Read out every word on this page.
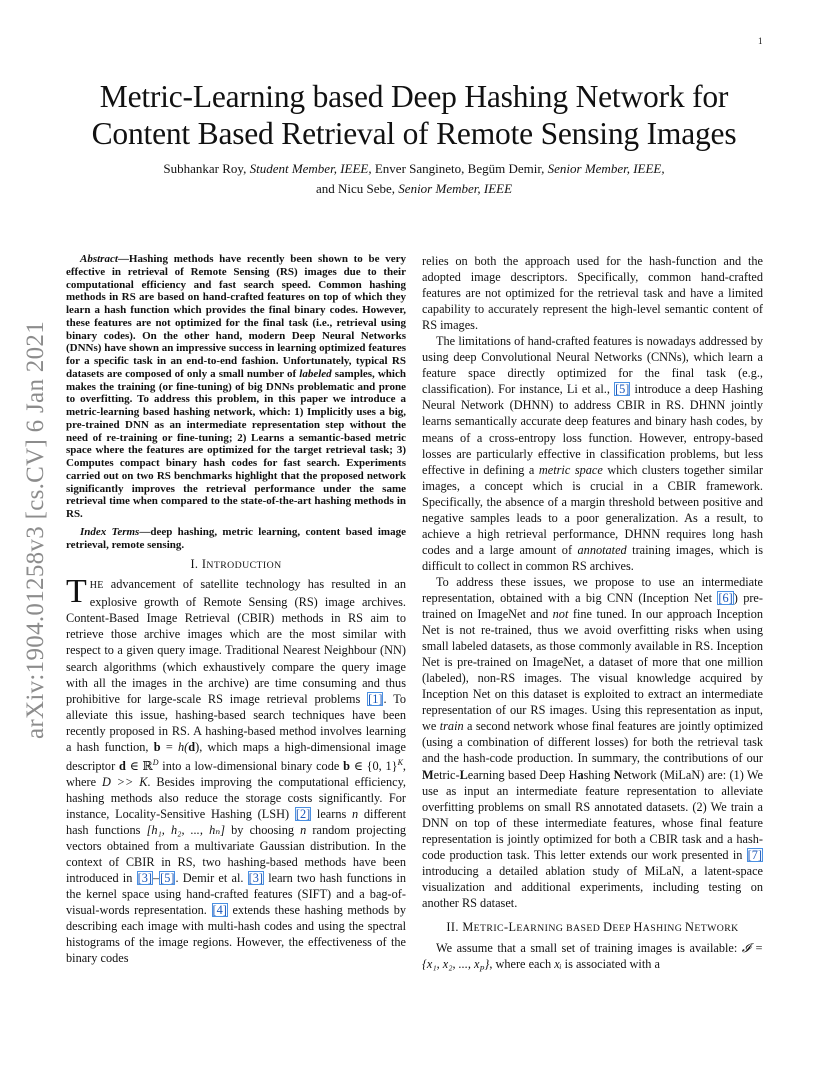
1
arXiv:1904.01258v3 [cs.CV] 6 Jan 2021
Metric-Learning based Deep Hashing Network for
Content Based Retrieval of Remote Sensing Images
Subhankar Roy, Student Member, IEEE, Enver Sangineto, Begüm Demir, Senior Member, IEEE,
and Nicu Sebe, Senior Member, IEEE

Abstract—Hashing methods have recently been shown to be very effective in retrieval of Remote Sensing (RS) images due to their computational efficiency and fast search speed. Common hashing methods in RS are based on hand-crafted features on top of which they learn a hash function which provides the final binary codes. However, these features are not optimized for the final task (i.e., retrieval using binary codes). On the other hand, modern Deep Neural Networks (DNNs) have shown an impressive success in learning optimized features for a specific task in an end-to-end fashion. Unfortunately, typical RS datasets are composed of only a small number of labeled samples, which makes the training (or fine-tuning) of big DNNs problematic and prone to overfitting. To address this problem, in this paper we introduce a metric-learning based hashing network, which: 1) Implicitly uses a big, pre-trained DNN as an intermediate representation step without the need of re-training or fine-tuning; 2) Learns a semantic-based metric space where the features are optimized for the target retrieval task; 3) Computes compact binary hash codes for fast search. Experiments carried out on two RS benchmarks highlight that the proposed network significantly improves the retrieval performance under the same retrieval time when compared to the state-of-the-art hashing methods in RS.

Index Terms—deep hashing, metric learning, content based image retrieval, remote sensing.
I. INTRODUCTION
THE advancement of satellite technology has resulted in an explosive growth of Remote Sensing (RS) image archives. Content-Based Image Retrieval (CBIR) methods in RS aim to retrieve those archive images which are the most similar with respect to a given query image. Traditional Nearest Neighbour (NN) search algorithms (which exhaustively compare the query image with all the images in the archive) are time consuming and thus prohibitive for large-scale RS image retrieval problems [1]. To alleviate this issue, hashing-based search techniques have been recently proposed in RS. A hashing-based method involves learning a hash function, b = h(d), which maps a high-dimensional image descriptor d ∈ ℝ$^D$ into a low-dimensional binary code b ∈ {0, 1}$^K$, where D >> K. Besides improving the computational efficiency, hashing methods also reduce the storage costs significantly. For instance, Locality-Sensitive Hashing (LSH) [2] learns n different hash functions [h₁, h₂, ..., hₙ] by choosing n random projecting vectors obtained from a multivariate Gaussian distribution. In the context of CBIR in RS, two hashing-based methods have been introduced in [3]–[5]. Demir et al. [3] learn two hash functions in the kernel space using hand-crafted features (SIFT) and a bag-of-visual-words representation. [4] extends these hashing methods by describing each image with multi-hash codes and using the spectral histograms of the image regions. However, the effectiveness of the binary codes

relies on both the approach used for the hash-function and the adopted image descriptors. Specifically, common hand-crafted features are not optimized for the retrieval task and have a limited capability to accurately represent the high-level semantic content of RS images.

The limitations of hand-crafted features is nowadays addressed by using deep Convolutional Neural Networks (CNNs), which learn a feature space directly optimized for the final task (e.g., classification). For instance, Li et al., [5] introduce a deep Hashing Neural Network (DHNN) to address CBIR in RS. DHNN jointly learns semantically accurate deep features and binary hash codes, by means of a cross-entropy loss function. However, entropy-based losses are particularly effective in classification problems, but less effective in defining a metric space which clusters together similar images, a concept which is crucial in a CBIR framework. Specifically, the absence of a margin threshold between positive and negative samples leads to a poor generalization. As a result, to achieve a high retrieval performance, DHNN requires long hash codes and a large amount of annotated training images, which is difficult to collect in common RS archives.

To address these issues, we propose to use an intermediate representation, obtained with a big CNN (Inception Net [6]) pre-trained on ImageNet and not fine tuned. In our approach Inception Net is not re-trained, thus we avoid overfitting risks when using small labeled datasets, as those commonly available in RS. Inception Net is pre-trained on ImageNet, a dataset of more that one million (labeled), non-RS images. The visual knowledge acquired by Inception Net on this dataset is exploited to extract an intermediate representation of our RS images. Using this representation as input, we train a second network whose final features are jointly optimized (using a combination of different losses) for both the retrieval task and the hash-code production. In summary, the contributions of our Metric-Learning based Deep Hashing Network (MiLaN) are: (1) We use as input an intermediate feature representation to alleviate overfitting problems on small RS annotated datasets. (2) We train a DNN on top of these intermediate features, whose final feature representation is jointly optimized for both a CBIR task and a hash-code production task. This letter extends our work presented in [7] introducing a detailed ablation study of MiLaN, a latent-space visualization and additional experiments, including testing on another RS dataset.

II. METRIC-LEARNING BASED DEEP HASHING NETWORK

We assume that a small set of training images is available: 𝓘 = {x₁, x₂, ..., $x_P$}, where each xᵢ is associated with a
